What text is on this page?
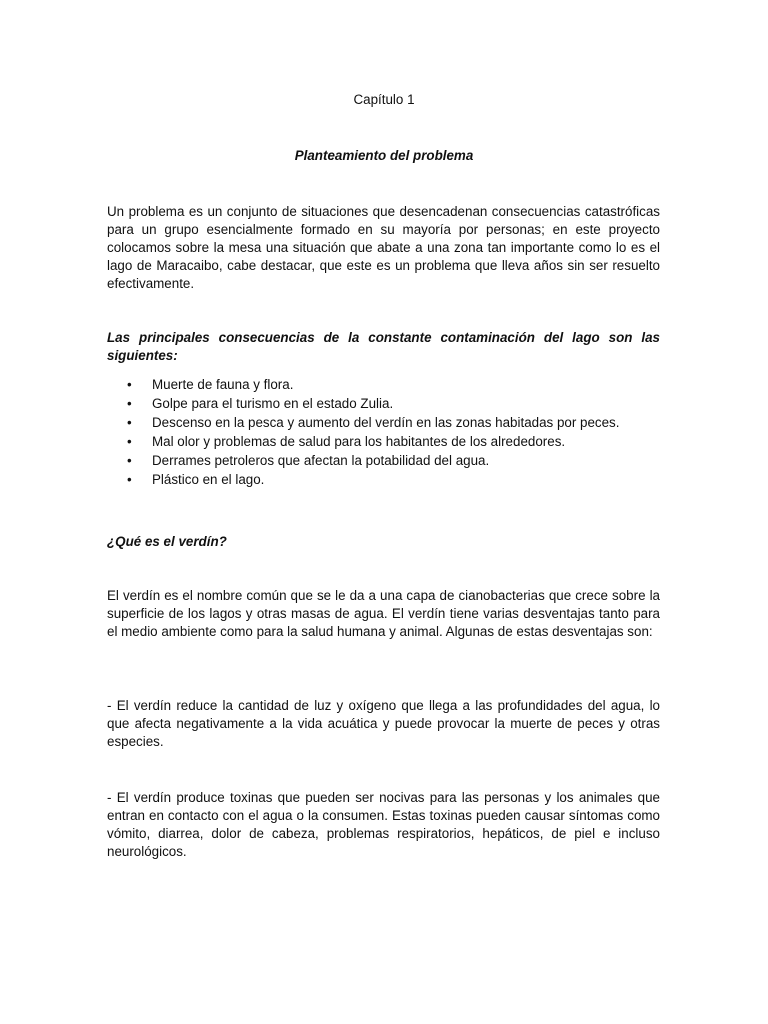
Capítulo 1
Planteamiento del problema

Un problema es un conjunto de situaciones que desencadenan consecuencias catastróficas para un grupo esencialmente formado en su mayoría por personas; en este proyecto colocamos sobre la mesa una situación que abate a una zona tan importante como lo es el lago de Maracaibo, cabe destacar, que este es un problema que lleva años sin ser resuelto efectivamente.

Las principales consecuencias de la constante contaminación del lago son las siguientes:

• Muerte de fauna y flora.
• Golpe para el turismo en el estado Zulia.
• Descenso en la pesca y aumento del verdín en las zonas habitadas por peces.
• Mal olor y problemas de salud para los habitantes de los alrededores.
• Derrames petroleros que afectan la potabilidad del agua.
• Plástico en el lago.

¿Qué es el verdín?

El verdín es el nombre común que se le da a una capa de cianobacterias que crece sobre la superficie de los lagos y otras masas de agua. El verdín tiene varias desventajas tanto para el medio ambiente como para la salud humana y animal. Algunas de estas desventajas son:

- El verdín reduce la cantidad de luz y oxígeno que llega a las profundidades del agua, lo que afecta negativamente a la vida acuática y puede provocar la muerte de peces y otras especies.

- El verdín produce toxinas que pueden ser nocivas para las personas y los animales que entran en contacto con el agua o la consumen. Estas toxinas pueden causar síntomas como vómito, diarrea, dolor de cabeza, problemas respiratorios, hepáticos, de piel e incluso neurológicos.
